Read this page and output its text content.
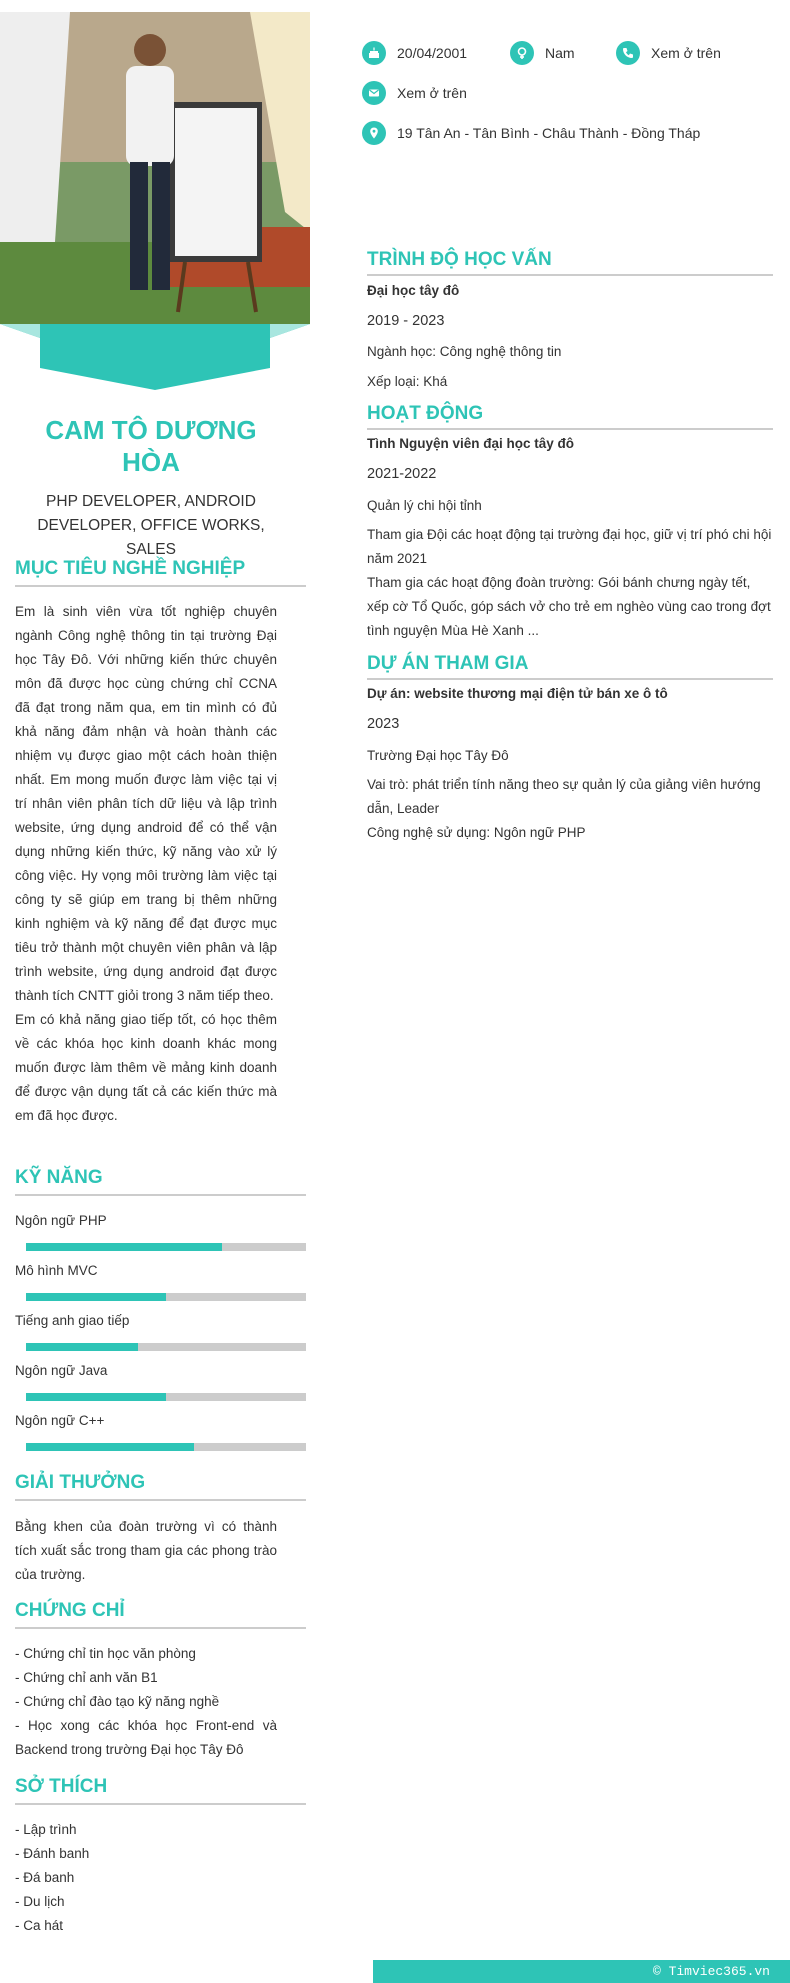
CAM TÔ DƯƠNG
HÒA
PHP DEVELOPER, ANDROID DEVELOPER, OFFICE WORKS, SALES
MỤC TIÊU NGHỀ NGHIỆP

Em là sinh viên vừa tốt nghiệp chuyên ngành Công nghệ thông tin tại trường Đại học Tây Đô. Với những kiến thức chuyên môn đã được học cùng chứng chỉ CCNA đã đạt trong năm qua, em tin mình có đủ khả năng đảm nhận và hoàn thành các nhiệm vụ được giao một cách hoàn thiện nhất. Em mong muốn được làm việc tại vị trí nhân viên phân tích dữ liệu và lập trình website, ứng dụng android để có thể vận dụng những kiến thức, kỹ năng vào xử lý công việc. Hy vọng môi trường làm việc tại công ty sẽ giúp em trang bị thêm những kinh nghiệm và kỹ năng để đạt được mục tiêu trở thành một chuyên viên phân và lập trình website, ứng dụng android đạt được thành tích CNTT giỏi trong 3 năm tiếp theo.

Em có khả năng giao tiếp tốt, có học thêm về các khóa học kinh doanh khác mong muốn được làm thêm về mảng kinh doanh để được vận dụng tất cả các kiến thức mà em đã học được.

KỸ NĂNG
Ngôn ngữ PHP
Mô hình MVC
Tiếng anh giao tiếp
Ngôn ngữ Java
Ngôn ngữ C++
GIẢI THƯỞNG
Bằng khen của đoàn trường vì có thành tích xuất sắc trong tham gia các phong trào của trường.
CHỨNG CHỈ
- Chứng chỉ tin học văn phòng
- Chứng chỉ anh văn B1
- Chứng chỉ đào tạo kỹ năng nghề
- Học xong các khóa học Front-end và Backend trong trường Đại học Tây Đô
SỞ THÍCH
- Lập trình
- Đánh banh
- Đá banh
- Du lịch
- Ca hát
20/04/2001	Nam	Xem ở trên
Xem ở trên
19 Tân An - Tân Bình - Châu Thành - Đồng Tháp
TRÌNH ĐỘ HỌC VẤN
Đại học tây đô
2019 - 2023
Ngành học: Công nghệ thông tin
Xếp loại: Khá
HOẠT ĐỘNG
Tình Nguyện viên đại học tây đô
2021-2022
Quản lý chi hội tỉnh

Tham gia Đội các hoạt động tại trường đại học, giữ vị trí phó chi hội năm 2021

Tham gia các hoạt động đoàn trường: Gói bánh chưng ngày tết, xếp cờ Tổ Quốc, góp sách vở cho trẻ em nghèo vùng cao trong đợt tình nguyện Mùa Hè Xanh ...

DỰ ÁN THAM GIA
Dự án: website thương mại điện tử bán xe ô tô
2023
Trường Đại học Tây Đô

Vai trò: phát triển tính năng theo sự quản lý của giảng viên hướng dẫn, Leader

Công nghệ sử dụng: Ngôn ngữ PHP

© Timviec365.vn
